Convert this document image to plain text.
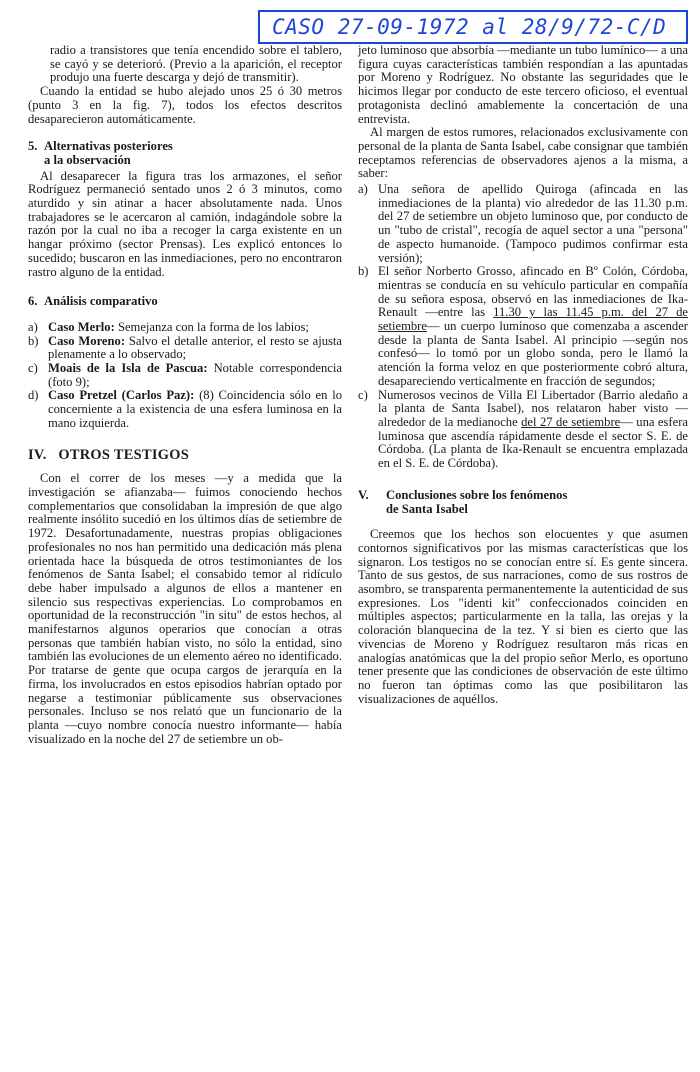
CASO 27-09-1972 al 28/9/72-C/D

radio a transistores que tenía encendido sobre el tablero, se cayó y se deterioró. (Previo a la aparición, el receptor produjo una fuerte descarga y dejó de transmitir).

Cuando la entidad se hubo alejado unos 25 ó 30 metros (punto 3 en la fig. 7), todos los efectos descritos desaparecieron automáticamente.

5. Alternativas posteriores
a la observación

Al desaparecer la figura tras los armazones, el señor Rodríguez permaneció sentado unos 2 ó 3 minutos, como aturdido y sin atinar a hacer absolutamente nada. Unos trabajadores se le acercaron al camión, indagándole sobre la razón por la cual no iba a recoger la carga existente en un hangar próximo (sector Prensas). Les explicó entonces lo sucedido; buscaron en las inmediaciones, pero no encontraron rastro alguno de la entidad.

6. Análisis comparativo
a) Caso Merlo: Semejanza con la forma de los labios;
b) Caso Moreno: Salvo el detalle anterior, el resto se ajusta plenamente a lo observado;
c) Moais de la Isla de Pascua: Notable correspondencia (foto 9);
d) Caso Pretzel (Carlos Paz): (8) Coincidencia sólo en lo concerniente a la existencia de una esfera luminosa en la mano izquierda.
IV.   OTROS TESTIGOS

Con el correr de los meses —y a medida que la investigación se afianzaba— fuimos conociendo hechos complementarios que consolidaban la impresión de que algo realmente insólito sucedió en los últimos días de setiembre de 1972. Desafortunadamente, nuestras propias obligaciones profesionales no nos han permitido una dedicación más plena orientada hace la búsqueda de otros testimoniantes de los fenómenos de Santa Isabel; el consabido temor al ridículo debe haber impulsado a algunos de ellos a mantener en silencio sus respectivas experiencias. Lo comprobamos en oportunidad de la reconstrucción "in situ" de estos hechos, al manifestarnos algunos operarios que conocían a otras personas que también habían visto, no sólo la entidad, sino también las evoluciones de un elemento aéreo no identificado. Por tratarse de gente que ocupa cargos de jerarquía en la firma, los involucrados en estos episodios habrían optado por negarse a testimoniar públicamente sus observaciones personales. Incluso se nos relató que un funcionario de la planta —cuyo nombre conocía nuestro informante— había visualizado en la noche del 27 de setiembre un ob-

jeto luminoso que absorbía —mediante un tubo lumínico— a una figura cuyas características también respondían a las apuntadas por Moreno y Rodríguez. No obstante las seguridades que le hicimos llegar por conducto de este tercero oficioso, el eventual protagonista declinó amablemente la concertación de una entrevista.

Al margen de estos rumores, relacionados exclusivamente con personal de la planta de Santa Isabel, cabe consignar que también receptamos referencias de observadores ajenos a la misma, a saber:

a) Una señora de apellido Quiroga (afincada en las inmediaciones de la planta) vio alrededor de las 11.30 p.m. del 27 de setiembre un objeto luminoso que, por conducto de un "tubo de cristal", recogía de aquel sector a una "persona" de aspecto humanoide. (Tampoco pudimos confirmar esta versión);
b) El señor Norberto Grosso, afincado en Bº Colón, Córdoba, mientras se conducía en su vehículo particular en compañía de su señora esposa, observó en las inmediaciones de Ika-Renault —entre las 11.30 y las 11.45 p.m. del 27 de setiembre— un cuerpo luminoso que comenzaba a ascender desde la planta de Santa Isabel. Al principio —según nos confesó— lo tomó por un globo sonda, pero le llamó la atención la forma veloz en que posteriormente cobró altura, desapareciendo verticalmente en fracción de segundos;
c) Numerosos vecinos de Villa El Libertador (Barrio aledaño a la planta de Santa Isabel), nos relataron haber visto —alrededor de la medianoche del 27 de setiembre— una esfera luminosa que ascendía rápidamente desde el sector S. E. de Córdoba. (La planta de Ika-Renault se encuentra emplazada en el S. E. de Córdoba).
V. Conclusiones sobre los fenómenos
de Santa Isabel

Creemos que los hechos son elocuentes y que asumen contornos significativos por las mismas características que los signaron. Los testigos no se conocían entre sí. Es gente sincera. Tanto de sus gestos, de sus narraciones, como de sus rostros de asombro, se transparenta permanentemente la autenticidad de sus expresiones. Los "identi kit" confeccionados coinciden en múltiples aspectos; particularmente en la talla, las orejas y la coloración blanquecina de la tez. Y si bien es cierto que las vivencias de Moreno y Rodríguez resultaron más ricas en analogías anatómicas que la del propio señor Merlo, es oportuno tener presente que las condiciones de observación de este último no fueron tan óptimas como las que posibilitaron las visualizaciones de aquéllos.
